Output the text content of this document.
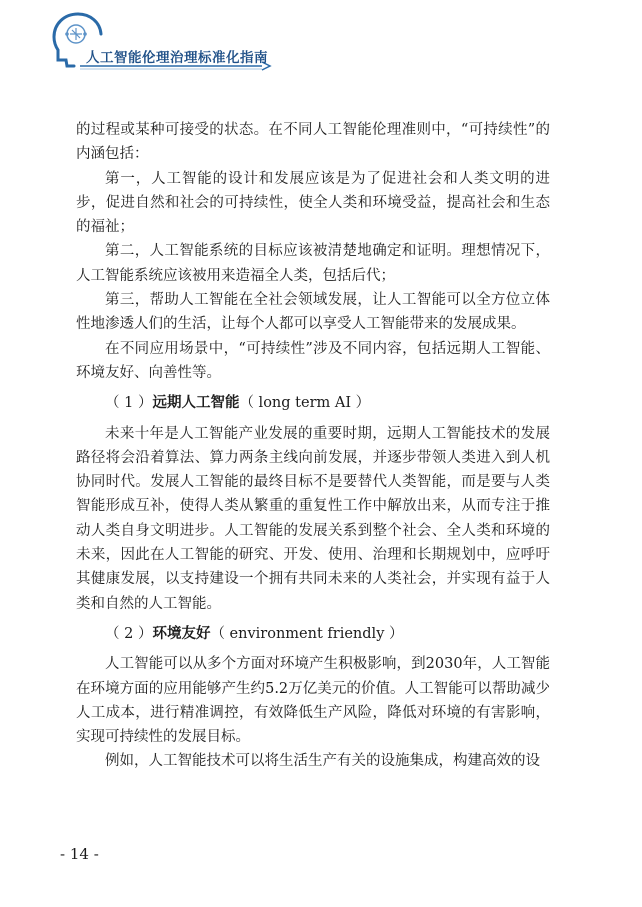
人工智能伦理治理标准化指南

的过程或某种可接受的状态。在不同人工智能伦理准则中，“可持续性”的内涵包括：

第一，人工智能的设计和发展应该是为了促进社会和人类文明的进步，促进自然和社会的可持续性，使全人类和环境受益，提高社会和生态的福祉；

第二，人工智能系统的目标应该被清楚地确定和证明。理想情况下，人工智能系统应该被用来造福全人类，包括后代；

第三，帮助人工智能在全社会领域发展，让人工智能可以全方位立体性地渗透人们的生活，让每个人都可以享受人工智能带来的发展成果。

在不同应用场景中，“可持续性”涉及不同内容，包括远期人工智能、环境友好、向善性等。

（ 1 ）远期人工智能（ long term AI ）

未来十年是人工智能产业发展的重要时期，远期人工智能技术的发展路径将会沿着算法、算力两条主线向前发展，并逐步带领人类进入到人机协同时代。发展人工智能的最终目标不是要替代人类智能，而是要与人类智能形成互补，使得人类从繁重的重复性工作中解放出来，从而专注于推动人类自身文明进步。人工智能的发展关系到整个社会、全人类和环境的未来，因此在人工智能的研究、开发、使用、治理和长期规划中，应呼吁其健康发展，以支持建设一个拥有共同未来的人类社会，并实现有益于人类和自然的人工智能。

（ 2 ）环境友好（ environment friendly ）

人工智能可以从多个方面对环境产生积极影响，到2030年，人工智能在环境方面的应用能够产生约5.2万亿美元的价值。人工智能可以帮助减少人工成本，进行精准调控，有效降低生产风险，降低对环境的有害影响，实现可持续性的发展目标。

例如，人工智能技术可以将生活生产有关的设施集成，构建高效的设

- 14 -
